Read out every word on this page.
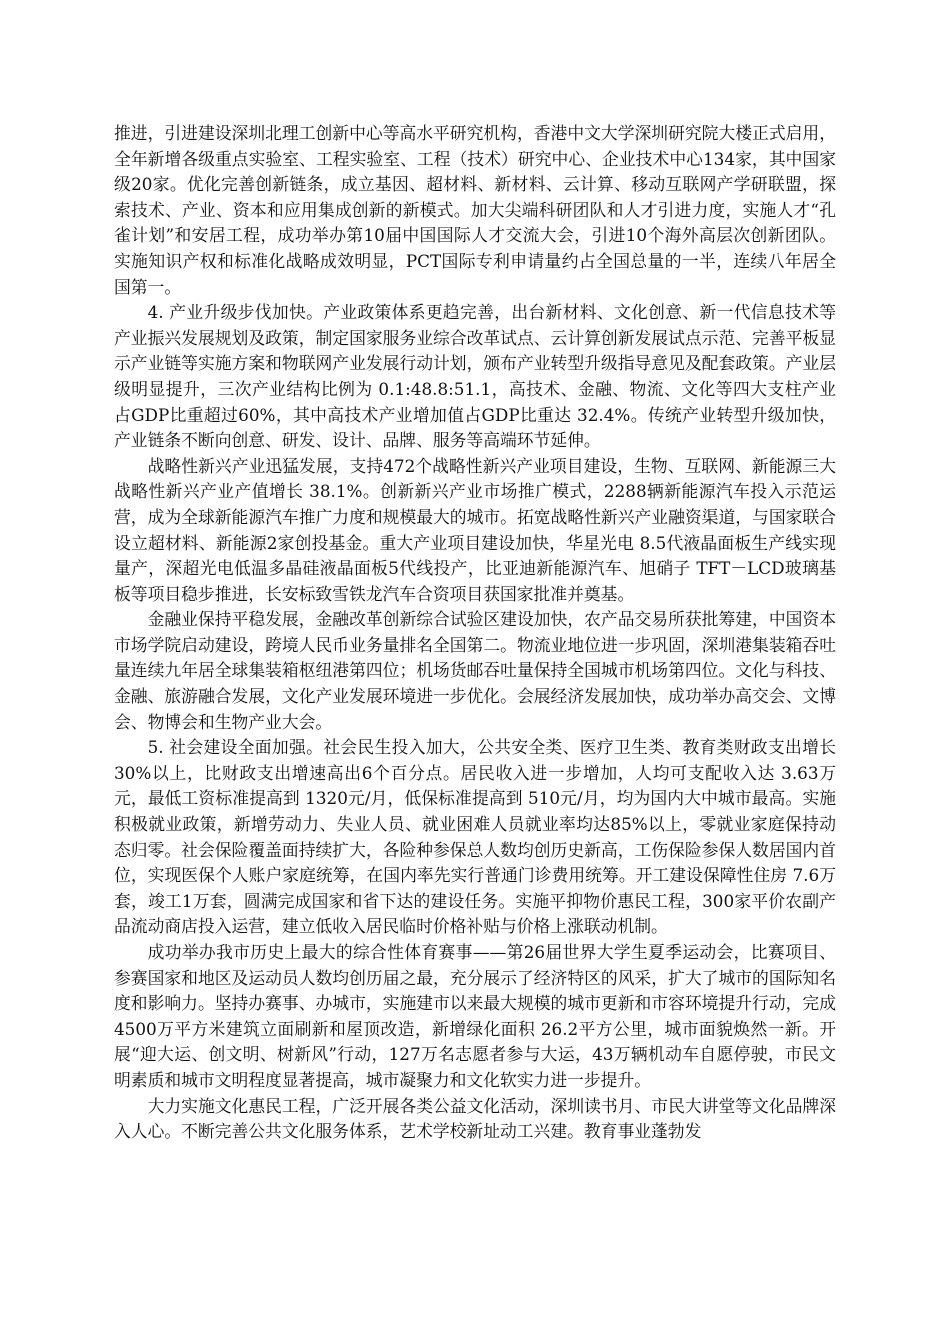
推进，引进建设深圳北理工创新中心等高水平研究机构，香港中文大学深圳研究院大楼正式启用，全年新增各级重点实验室、工程实验室、工程（技术）研究中心、企业技术中心134家，其中国家级20家。优化完善创新链条，成立基因、超材料、新材料、云计算、移动互联网产学研联盟，探索技术、产业、资本和应用集成创新的新模式。加大尖端科研团队和人才引进力度，实施人才“孔雀计划”和安居工程，成功举办第10届中国国际人才交流大会，引进10个海外高层次创新团队。实施知识产权和标准化战略成效明显，PCT国际专利申请量约占全国总量的一半，连续八年居全国第一。

4. 产业升级步伐加快。产业政策体系更趋完善，出台新材料、文化创意、新一代信息技术等产业振兴发展规划及政策，制定国家服务业综合改革试点、云计算创新发展试点示范、完善平板显示产业链等实施方案和物联网产业发展行动计划，颁布产业转型升级指导意见及配套政策。产业层级明显提升，三次产业结构比例为 0.1:48.8:51.1，高技术、金融、物流、文化等四大支柱产业占GDP比重超过60%，其中高技术产业增加值占GDP比重达 32.4%。传统产业转型升级加快，产业链条不断向创意、研发、设计、品牌、服务等高端环节延伸。

战略性新兴产业迅猛发展，支持472个战略性新兴产业项目建设，生物、互联网、新能源三大战略性新兴产业产值增长 38.1%。创新新兴产业市场推广模式，2288辆新能源汽车投入示范运营，成为全球新能源汽车推广力度和规模最大的城市。拓宽战略性新兴产业融资渠道，与国家联合设立超材料、新能源2家创投基金。重大产业项目建设加快，华星光电 8.5代液晶面板生产线实现量产，深超光电低温多晶硅液晶面板5代线投产，比亚迪新能源汽车、旭硝子 TFT－LCD玻璃基板等项目稳步推进，长安标致雪铁龙汽车合资项目获国家批准并奠基。

金融业保持平稳发展，金融改革创新综合试验区建设加快，农产品交易所获批筹建，中国资本市场学院启动建设，跨境人民币业务量排名全国第二。物流业地位进一步巩固，深圳港集装箱吞吐量连续九年居全球集装箱枢纽港第四位；机场货邮吞吐量保持全国城市机场第四位。文化与科技、金融、旅游融合发展，文化产业发展环境进一步优化。会展经济发展加快，成功举办高交会、文博会、物博会和生物产业大会。

5. 社会建设全面加强。社会民生投入加大，公共安全类、医疗卫生类、教育类财政支出增长 30%以上，比财政支出增速高出6个百分点。居民收入进一步增加，人均可支配收入达 3.63万元，最低工资标准提高到 1320元/月，低保标准提高到 510元/月，均为国内大中城市最高。实施积极就业政策，新增劳动力、失业人员、就业困难人员就业率均达85%以上，零就业家庭保持动态归零。社会保险覆盖面持续扩大，各险种参保总人数均创历史新高，工伤保险参保人数居国内首位，实现医保个人账户家庭统筹，在国内率先实行普通门诊费用统筹。开工建设保障性住房 7.6万套，竣工1万套，圆满完成国家和省下达的建设任务。实施平抑物价惠民工程，300家平价农副产品流动商店投入运营，建立低收入居民临时价格补贴与价格上涨联动机制。

成功举办我市历史上最大的综合性体育赛事——第26届世界大学生夏季运动会，比赛项目、参赛国家和地区及运动员人数均创历届之最，充分展示了经济特区的风采，扩大了城市的国际知名度和影响力。坚持办赛事、办城市，实施建市以来最大规模的城市更新和市容环境提升行动，完成 4500万平方米建筑立面刷新和屋顶改造，新增绿化面积 26.2平方公里，城市面貌焕然一新。开展“迎大运、创文明、树新风”行动，127万名志愿者参与大运，43万辆机动车自愿停驶，市民文明素质和城市文明程度显著提高，城市凝聚力和文化软实力进一步提升。

大力实施文化惠民工程，广泛开展各类公益文化活动，深圳读书月、市民大讲堂等文化品牌深入人心。不断完善公共文化服务体系，艺术学校新址动工兴建。教育事业蓬勃发
